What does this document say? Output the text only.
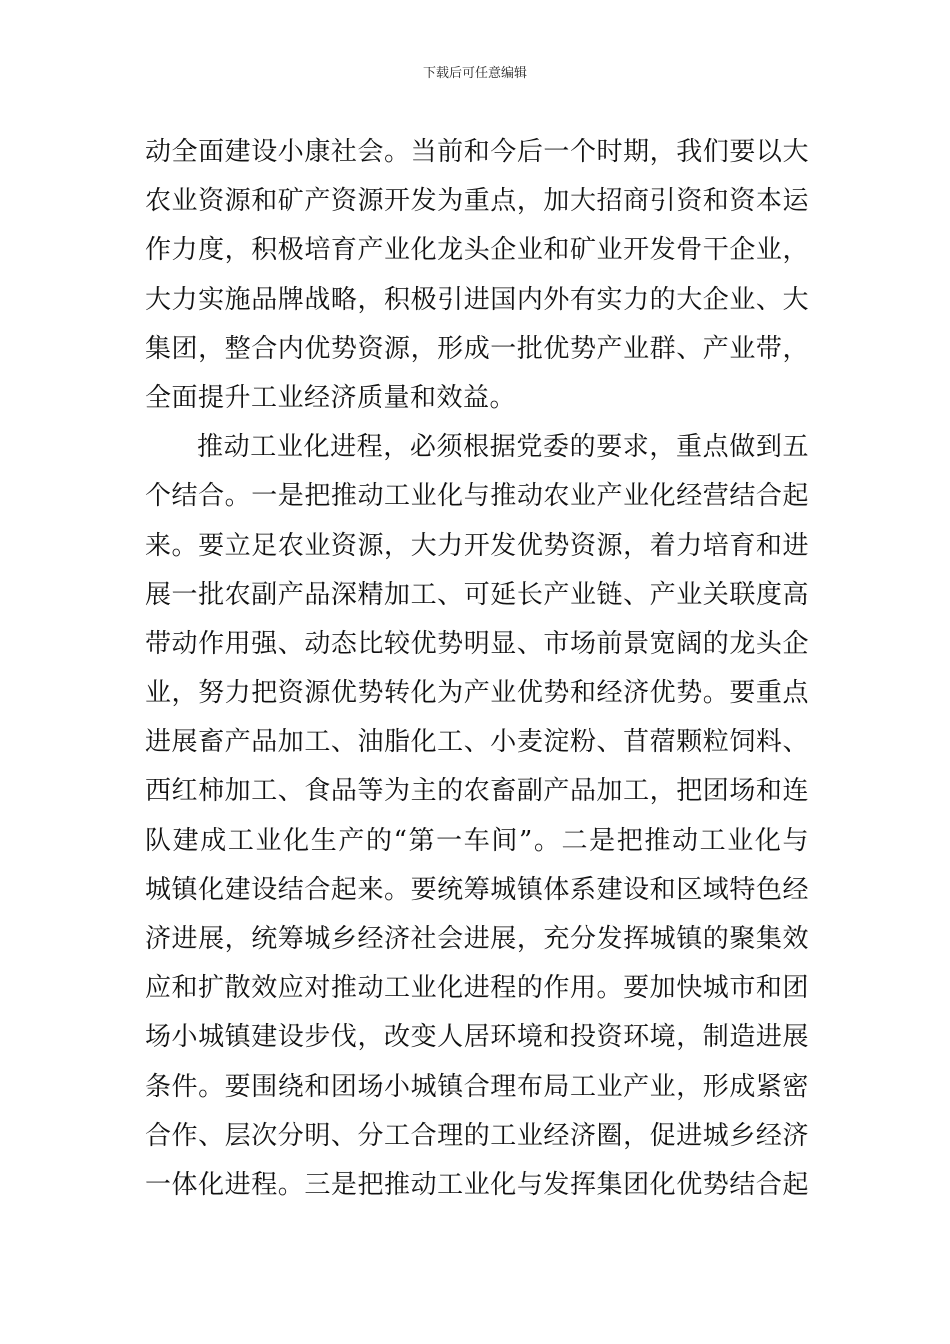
下载后可任意编辑
动全面建设小康社会。当前和今后一个时期，我们要以大
农业资源和矿产资源开发为重点，加大招商引资和资本运
作力度，积极培育产业化龙头企业和矿业开发骨干企业，
大力实施品牌战略，积极引进国内外有实力的大企业、大
集团，整合内优势资源，形成一批优势产业群、产业带，
全面提升工业经济质量和效益。
推动工业化进程，必须根据党委的要求，重点做到五
个结合。一是把推动工业化与推动农业产业化经营结合起
来。要立足农业资源，大力开发优势资源，着力培育和进
展一批农副产品深精加工、可延长产业链、产业关联度高
带动作用强、动态比较优势明显、市场前景宽阔的龙头企
业，努力把资源优势转化为产业优势和经济优势。要重点
进展畜产品加工、油脂化工、小麦淀粉、苜蓿颗粒饲料、
西红柿加工、食品等为主的农畜副产品加工，把团场和连
队建成工业化生产的“第一车间”。二是把推动工业化与
城镇化建设结合起来。要统筹城镇体系建设和区域特色经
济进展，统筹城乡经济社会进展，充分发挥城镇的聚集效
应和扩散效应对推动工业化进程的作用。要加快城市和团
场小城镇建设步伐，改变人居环境和投资环境，制造进展
条件。要围绕和团场小城镇合理布局工业产业，形成紧密
合作、层次分明、分工合理的工业经济圈，促进城乡经济
一体化进程。三是把推动工业化与发挥集团化优势结合起
